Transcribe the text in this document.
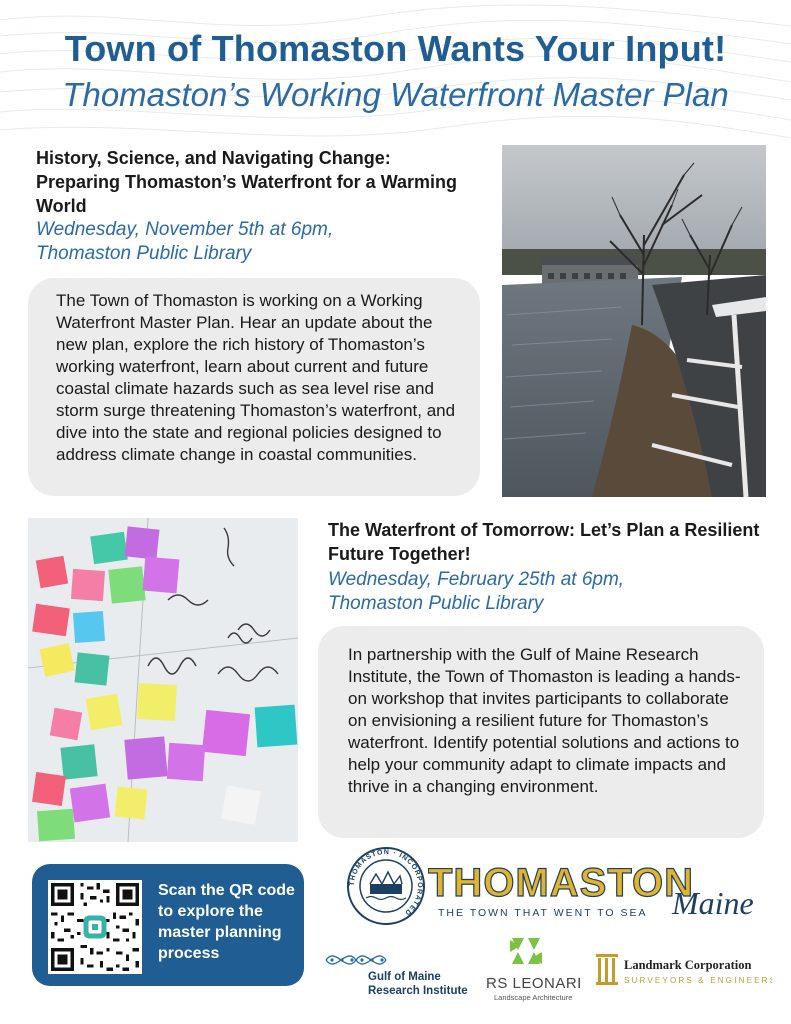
Town of Thomaston Wants Your Input!
Thomaston’s Working Waterfront Master Plan
History, Science, and Navigating Change: Preparing Thomaston’s Waterfront for a Warming World
Wednesday, November 5th at 6pm,
Thomaston Public Library

The Town of Thomaston is working on a Working Waterfront Master Plan. Hear an update about the new plan, explore the rich history of Thomaston’s working waterfront, learn about current and future coastal climate hazards such as sea level rise and storm surge threatening Thomaston’s waterfront, and dive into the state and regional policies designed to address climate change in coastal communities.

The Waterfront of Tomorrow: Let’s Plan a Resilient Future Together!
Wednesday, February 25th at 6pm,
Thomaston Public Library

In partnership with the Gulf of Maine Research Institute, the Town of Thomaston is leading a hands-on workshop that invites participants to collaborate on envisioning a resilient future for Thomaston’s waterfront. Identify potential solutions and actions to help your community adapt to climate impacts and thrive in a changing environment.

Scan the QR code to explore the master planning process
THOMASTON · INCORPORATED
THOMASTON
THE TOWN THAT WENT TO SEA Maine
Gulf of Maine
Research Institute RS LEONARD
Landscape Architecture
Landmark Corporation
SURVEYORS & ENGINEERS
